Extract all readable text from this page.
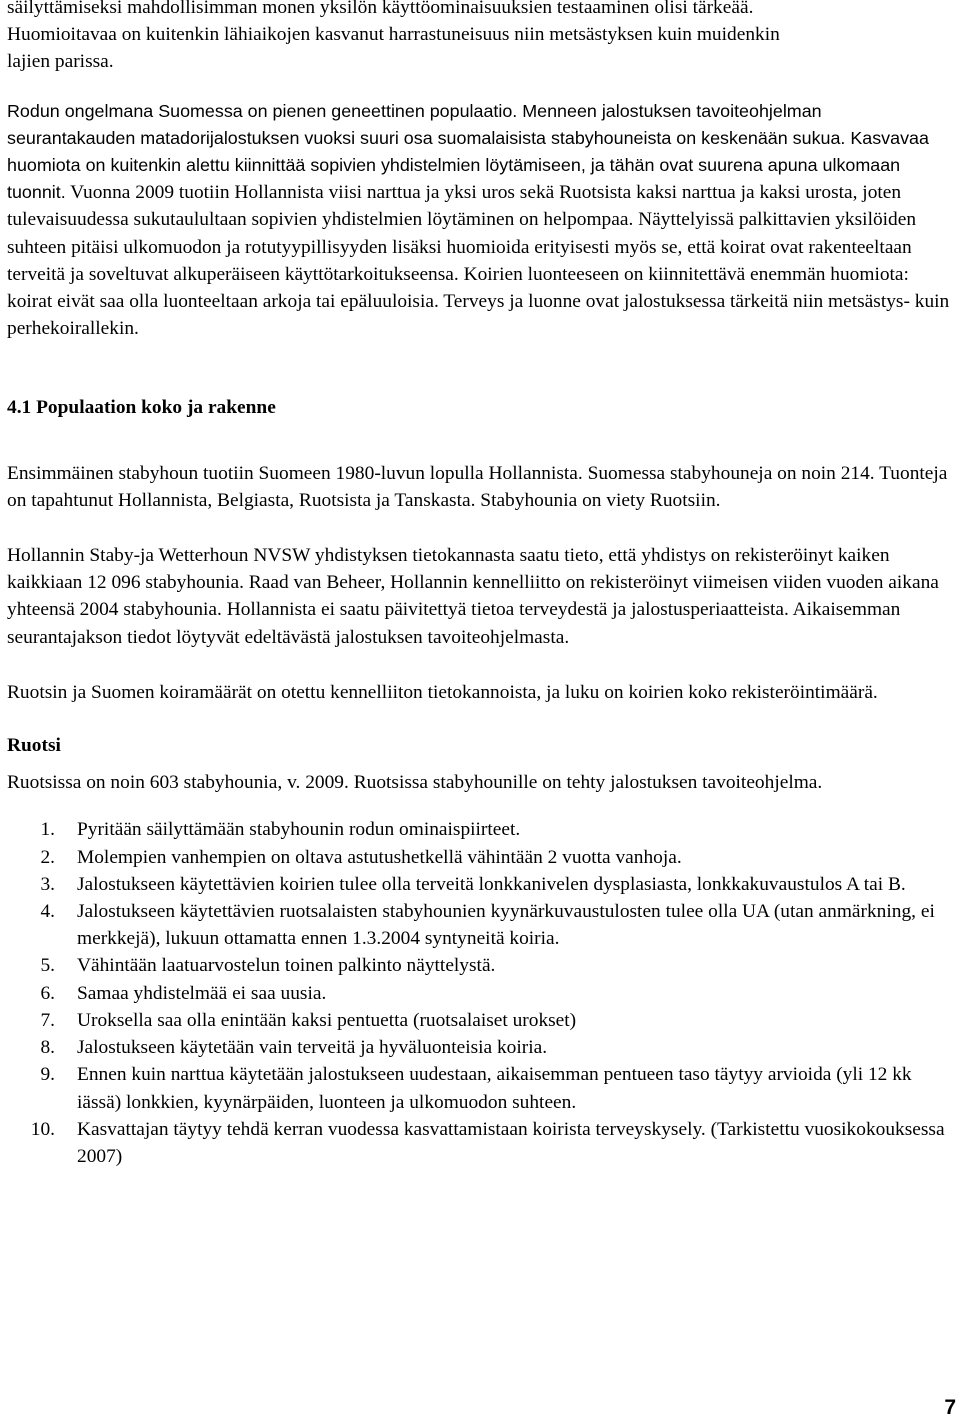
säilyttämiseksi mahdollisimman monen yksilön käyttöominaisuuksien testaaminen olisi tärkeää.
Huomioitavaa on kuitenkin lähiaikojen kasvanut harrastuneisuus niin metsästyksen kuin muidenkin
lajien parissa.

Rodun ongelmana Suomessa on pienen geneettinen populaatio. Menneen jalostuksen tavoiteohjelman seurantakauden matadorijalostuksen vuoksi suuri osa suomalaisista stabyhouneista on keskenään sukua. Kasvavaa huomiota on kuitenkin alettu kiinnittää sopivien yhdistelmien löytämiseen, ja tähän ovat suurena apuna ulkomaan tuonnit. Vuonna 2009 tuotiin Hollannista viisi narttua ja yksi uros sekä Ruotsista kaksi narttua ja kaksi urosta, joten tulevaisuudessa sukutaulultaan sopivien yhdistelmien löytäminen on helpompaa. Näyttelyissä palkittavien yksilöiden suhteen pitäisi ulkomuodon ja rotutyypillisyyden lisäksi huomioida erityisesti myös se, että koirat ovat rakenteeltaan terveitä ja soveltuvat alkuperäiseen käyttötarkoitukseensa. Koirien luonteeseen on kiinnitettävä enemmän huomiota: koirat eivät saa olla luonteeltaan arkoja tai epäluuloisia. Terveys ja luonne ovat jalostuksessa tärkeitä niin metsästys- kuin perhekoirallekin.

4.1 Populaation koko ja rakenne

Ensimmäinen stabyhoun tuotiin Suomeen 1980-luvun lopulla Hollannista. Suomessa stabyhouneja on noin 214. Tuonteja on tapahtunut Hollannista, Belgiasta, Ruotsista ja Tanskasta. Stabyhounia on viety Ruotsiin.

Hollannin Staby-ja Wetterhoun NVSW yhdistyksen tietokannasta saatu tieto, että yhdistys on rekisteröinyt kaiken kaikkiaan 12 096 stabyhounia. Raad van Beheer, Hollannin kennelliitto on rekisteröinyt viimeisen viiden vuoden aikana yhteensä 2004 stabyhounia. Hollannista ei saatu päivitettyä tietoa terveydestä ja jalostusperiaatteista. Aikaisemman seurantajakson tiedot löytyvät edeltävästä jalostuksen tavoiteohjelmasta.

Ruotsin ja Suomen koiramäärät on otettu kennelliiton tietokannoista, ja luku on koirien koko rekisteröintimäärä.

Ruotsi

Ruotsissa on noin 603 stabyhounia, v. 2009. Ruotsissa stabyhounille on tehty jalostuksen tavoiteohjelma.

1. Pyritään säilyttämään stabyhounin rodun ominaispiirteet.
2. Molempien vanhempien on oltava astutushetkellä vähintään 2 vuotta vanhoja.
3. Jalostukseen käytettävien koirien tulee olla terveitä lonkkanivelen dysplasiasta, lonkkakuvaustulos A tai B.
4. Jalostukseen käytettävien ruotsalaisten stabyhounien kyynärkuvaustulosten tulee olla UA (utan anmärkning, ei merkkejä), lukuun ottamatta ennen 1.3.2004 syntyneitä koiria.
5. Vähintään laatuarvostelun toinen palkinto näyttelystä.
6. Samaa yhdistelmää ei saa uusia.
7. Uroksella saa olla enintään kaksi pentuetta (ruotsalaiset urokset)
8. Jalostukseen käytetään vain terveitä ja hyväluonteisia koiria.
9. Ennen kuin narttua käytetään jalostukseen uudestaan, aikaisemman pentueen taso täytyy arvioida (yli 12 kk iässä) lonkkien, kyynärpäiden, luonteen ja ulkomuodon suhteen.
10. Kasvattajan täytyy tehdä kerran vuodessa kasvattamistaan koirista terveyskysely. (Tarkistettu vuosikokouksessa 2007)
7
